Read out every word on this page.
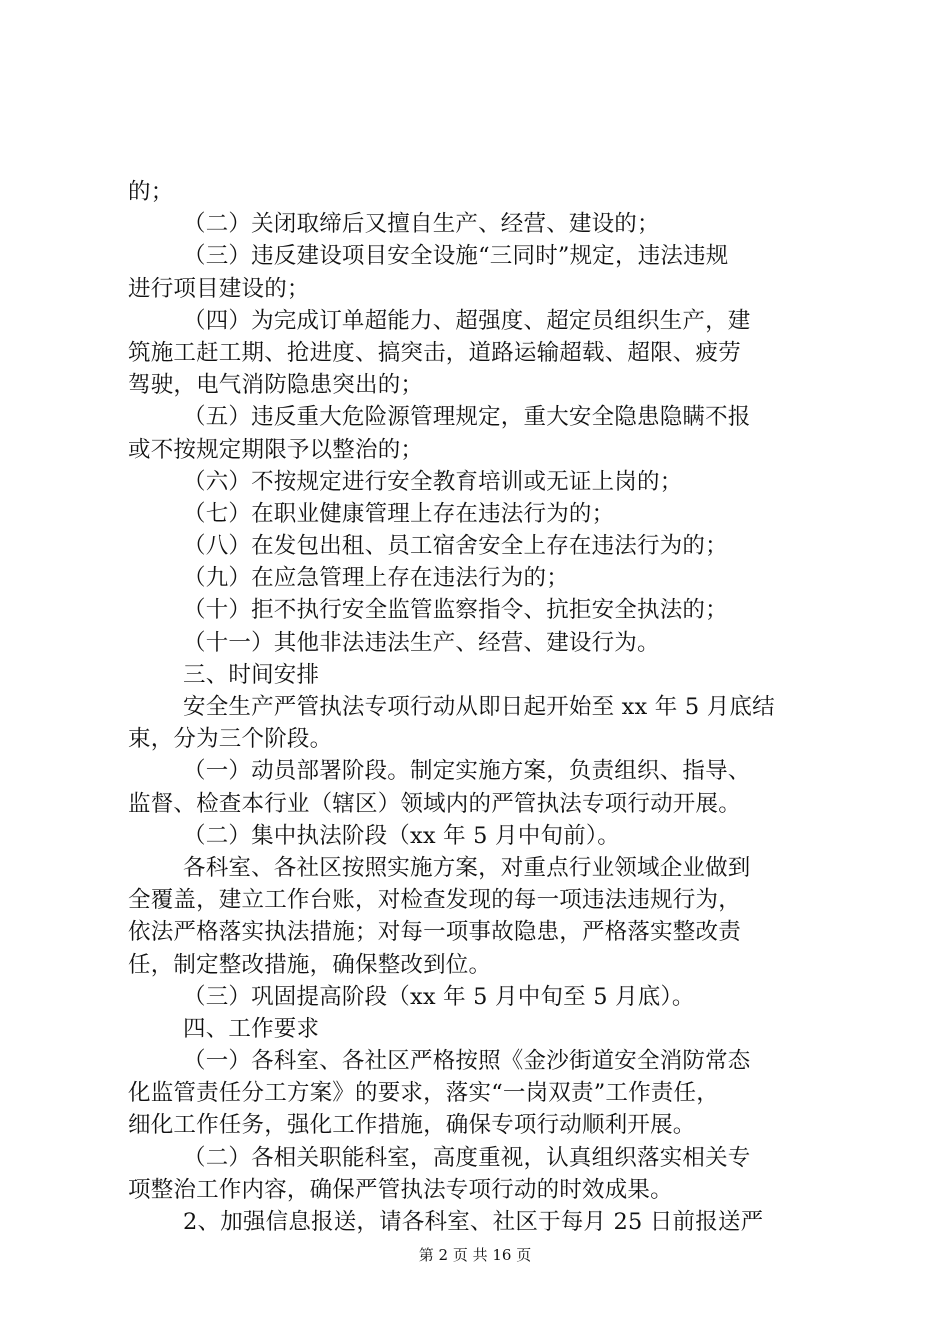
的；
（二）关闭取缔后又擅自生产、经营、建设的；
（三）违反建设项目安全设施“三同时”规定，违法违规
进行项目建设的；
（四）为完成订单超能力、超强度、超定员组织生产，建
筑施工赶工期、抢进度、搞突击，道路运输超载、超限、疲劳
驾驶，电气消防隐患突出的；
（五）违反重大危险源管理规定，重大安全隐患隐瞒不报
或不按规定期限予以整治的；
（六）不按规定进行安全教育培训或无证上岗的；
（七）在职业健康管理上存在违法行为的；
（八）在发包出租、员工宿舍安全上存在违法行为的；
（九）在应急管理上存在违法行为的；
（十）拒不执行安全监管监察指令、抗拒安全执法的；
（十一）其他非法违法生产、经营、建设行为。
三、时间安排
安全生产严管执法专项行动从即日起开始至 xx 年 5 月底结
束，分为三个阶段。
（一）动员部署阶段。制定实施方案，负责组织、指导、
监督、检查本行业（辖区）领域内的严管执法专项行动开展。
（二）集中执法阶段（xx 年 5 月中旬前）。
各科室、各社区按照实施方案，对重点行业领域企业做到
全覆盖，建立工作台账，对检查发现的每一项违法违规行为，
依法严格落实执法措施；对每一项事故隐患，严格落实整改责
任，制定整改措施，确保整改到位。
（三）巩固提高阶段（xx 年 5 月中旬至 5 月底）。
四、工作要求
（一）各科室、各社区严格按照《金沙街道安全消防常态
化监管责任分工方案》的要求，落实“一岗双责”工作责任，
细化工作任务，强化工作措施，确保专项行动顺利开展。
（二）各相关职能科室，高度重视，认真组织落实相关专
项整治工作内容，确保严管执法专项行动的时效成果。
2、加强信息报送，请各科室、社区于每月 25 日前报送严
第 2 页 共 16 页
